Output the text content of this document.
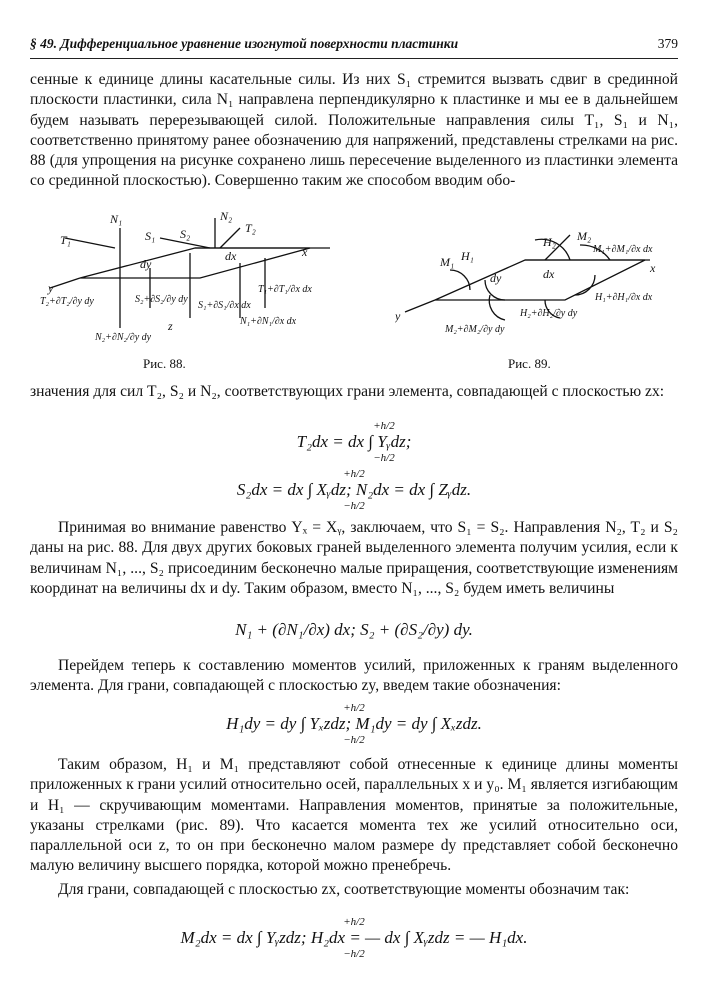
§ 49. Дифференциальное уравнение изогнутой поверхности пластинки	379

сенные к единице длины касательные силы. Из них S₁ стремится вызвать сдвиг в срединной плоскости пластинки, сила N₁ направлена перпендикулярно к пластинке и мы ее в дальнейшем будем называть перерезывающей силой. Положительные направления силы T₁, S₁ и N₁, соответственно принятому ранее обозначению для напряжений, представлены стрелками на рис. 88 (для упрощения на рисунке сохранено лишь пересечение выделенного из пластинки элемента со срединной плоскостью). Совершенно таким же способом вводим обо-

N₁	N₂
T₁
T₂
S₁ S₂
x
y
z
dy
dx
T₂+∂T₂/∂y dy	S₂+∂S₂/∂y dy
S₁+∂S₁/∂x dx
T₁+∂T₁/∂x dx
N₁+∂N₁/∂x dx
N₂+∂N₂/∂y dy
Рис. 88.
M₁ H₁
H₂ M₂
x
y
dx
dy
M₁+∂M₁/∂x dx
H₁+∂H₁/∂x dx
H₂+∂H₂/∂y dy
M₂+∂M₂/∂y dy
Рис. 89.

значения для сил T₂, S₂ и N₂, соответствующих грани элемента, совпадающей с плоскостью zx:

+h/2
T₂dx = dx ∫ Yᵧdz;
−h/2
+h/2
S₂dx = dx ∫ Xᵧdz; N₂dx = dx ∫ Zᵧdz.
−h/2

Принимая во внимание равенство Yₓ = Xᵧ, заключаем, что S₁ = S₂. Направления N₂, T₂ и S₂ даны на рис. 88. Для двух других боковых граней выделенного элемента получим усилия, если к величинам N₁, ..., S₂ присоединим бесконечно малые приращения, соответствующие изменениям координат на величины dx и dy. Таким образом, вместо N₁, ..., S₂ будем иметь величины

N₁ + (∂N₁/∂x) dx; S₂ + (∂S₂/∂y) dy.

Перейдем теперь к составлению моментов усилий, приложенных к граням выделенного элемента. Для грани, совпадающей с плоскостью zy, введем такие обозначения:

+h/2
H₁dy = dy ∫ Yₓzdz; M₁dy = dy ∫ Xₓzdz.
−h/2

Таким образом, H₁ и M₁ представляют собой отнесенные к единице длины моменты приложенных к грани усилий относительно осей, параллельных x и y₀. M₁ является изгибающим и H₁ — скручивающим моментами. Направления моментов, принятые за положительные, указаны стрелками (рис. 89). Что касается момента тех же усилий относительно оси, параллельной оси z, то он при бесконечно малом размере dy представляет собой бесконечно малую величину высшего порядка, которой можно пренебречь.

Для грани, совпадающей с плоскостью zx, соответствующие моменты обозначим так:

+h/2
M₂dx = dx ∫ Yᵧzdz; H₂dx = — dx ∫ Xᵧzdz = — H₁dx.
−h/2
